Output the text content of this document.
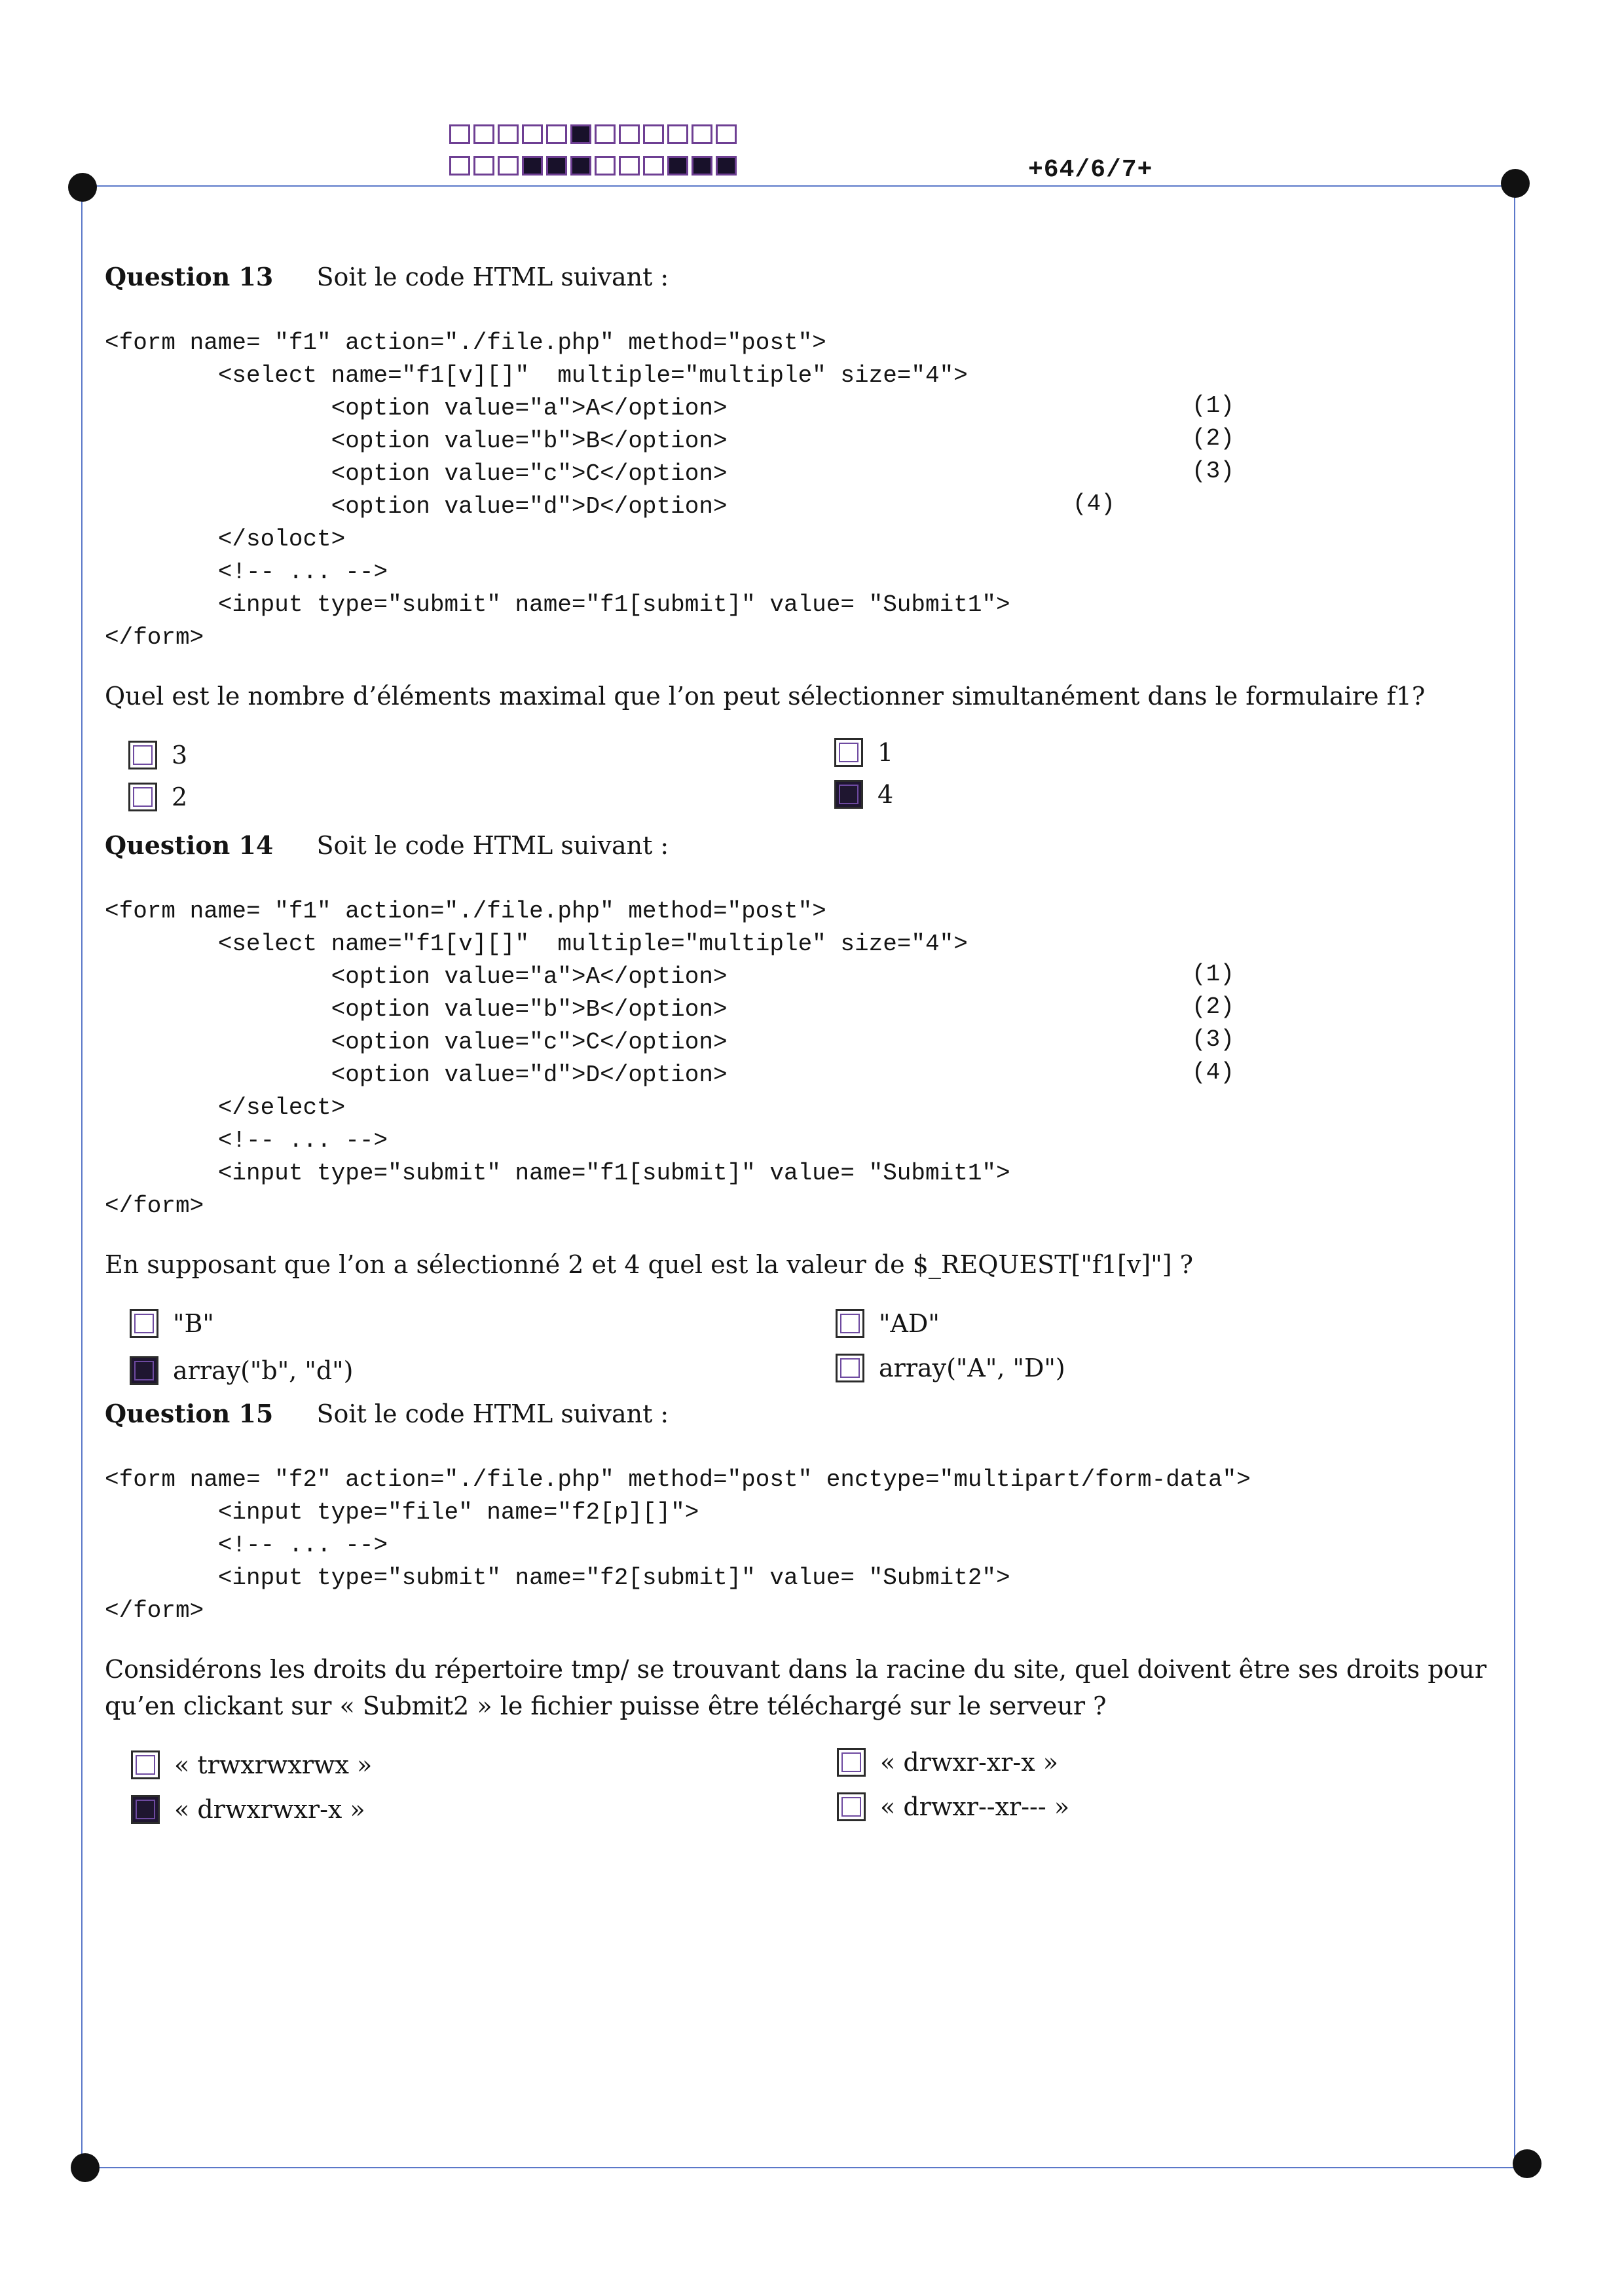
+64/6/7+
Question 13 Soit le code HTML suivant :
<form name= "f1" action="./file.php" method="post">
<select name="f1[v][]"  multiple="multiple" size="4">
<option value="a">A</option>	(1)
<option value="b">B</option>	(2)
<option value="c">C</option>	(3)
<option value="d">D</option>	(4)
</soloct>
<!-- ... -->
<input type="submit" name="f1[submit]" value= "Submit1">
</form>
Quel est le nombre d’éléments maximal que l’on peut sélectionner simultanément dans le formulaire f1?
3
2
1
4
Question 14 Soit le code HTML suivant :
<form name= "f1" action="./file.php" method="post">
<select name="f1[v][]"  multiple="multiple" size="4">
<option value="a">A</option>	(1)
<option value="b">B</option>	(2)
<option value="c">C</option>	(3)
<option value="d">D</option>	(4)
</select>
<!-- ... -->
<input type="submit" name="f1[submit]" value= "Submit1">
</form>
En supposant que l’on a sélectionné 2 et 4 quel est la valeur de $_REQUEST["f1[v]"] ?
"B"
array("b", "d")
"AD"
array("A", "D")
Question 15 Soit le code HTML suivant :
<form name= "f2" action="./file.php" method="post" enctype="multipart/form-data">
<input type="file" name="f2[p][]">
<!-- ... -->
<input type="submit" name="f2[submit]" value= "Submit2">
</form>
Considérons les droits du répertoire tmp/ se trouvant dans la racine du site, quel doivent être ses droits pour qu’en clickant sur « Submit2 » le fichier puisse être téléchargé sur le serveur ?
« trwxrwxrwx »
« drwxrwxr-x »
« drwxr-xr-x »
« drwxr--xr--- »
